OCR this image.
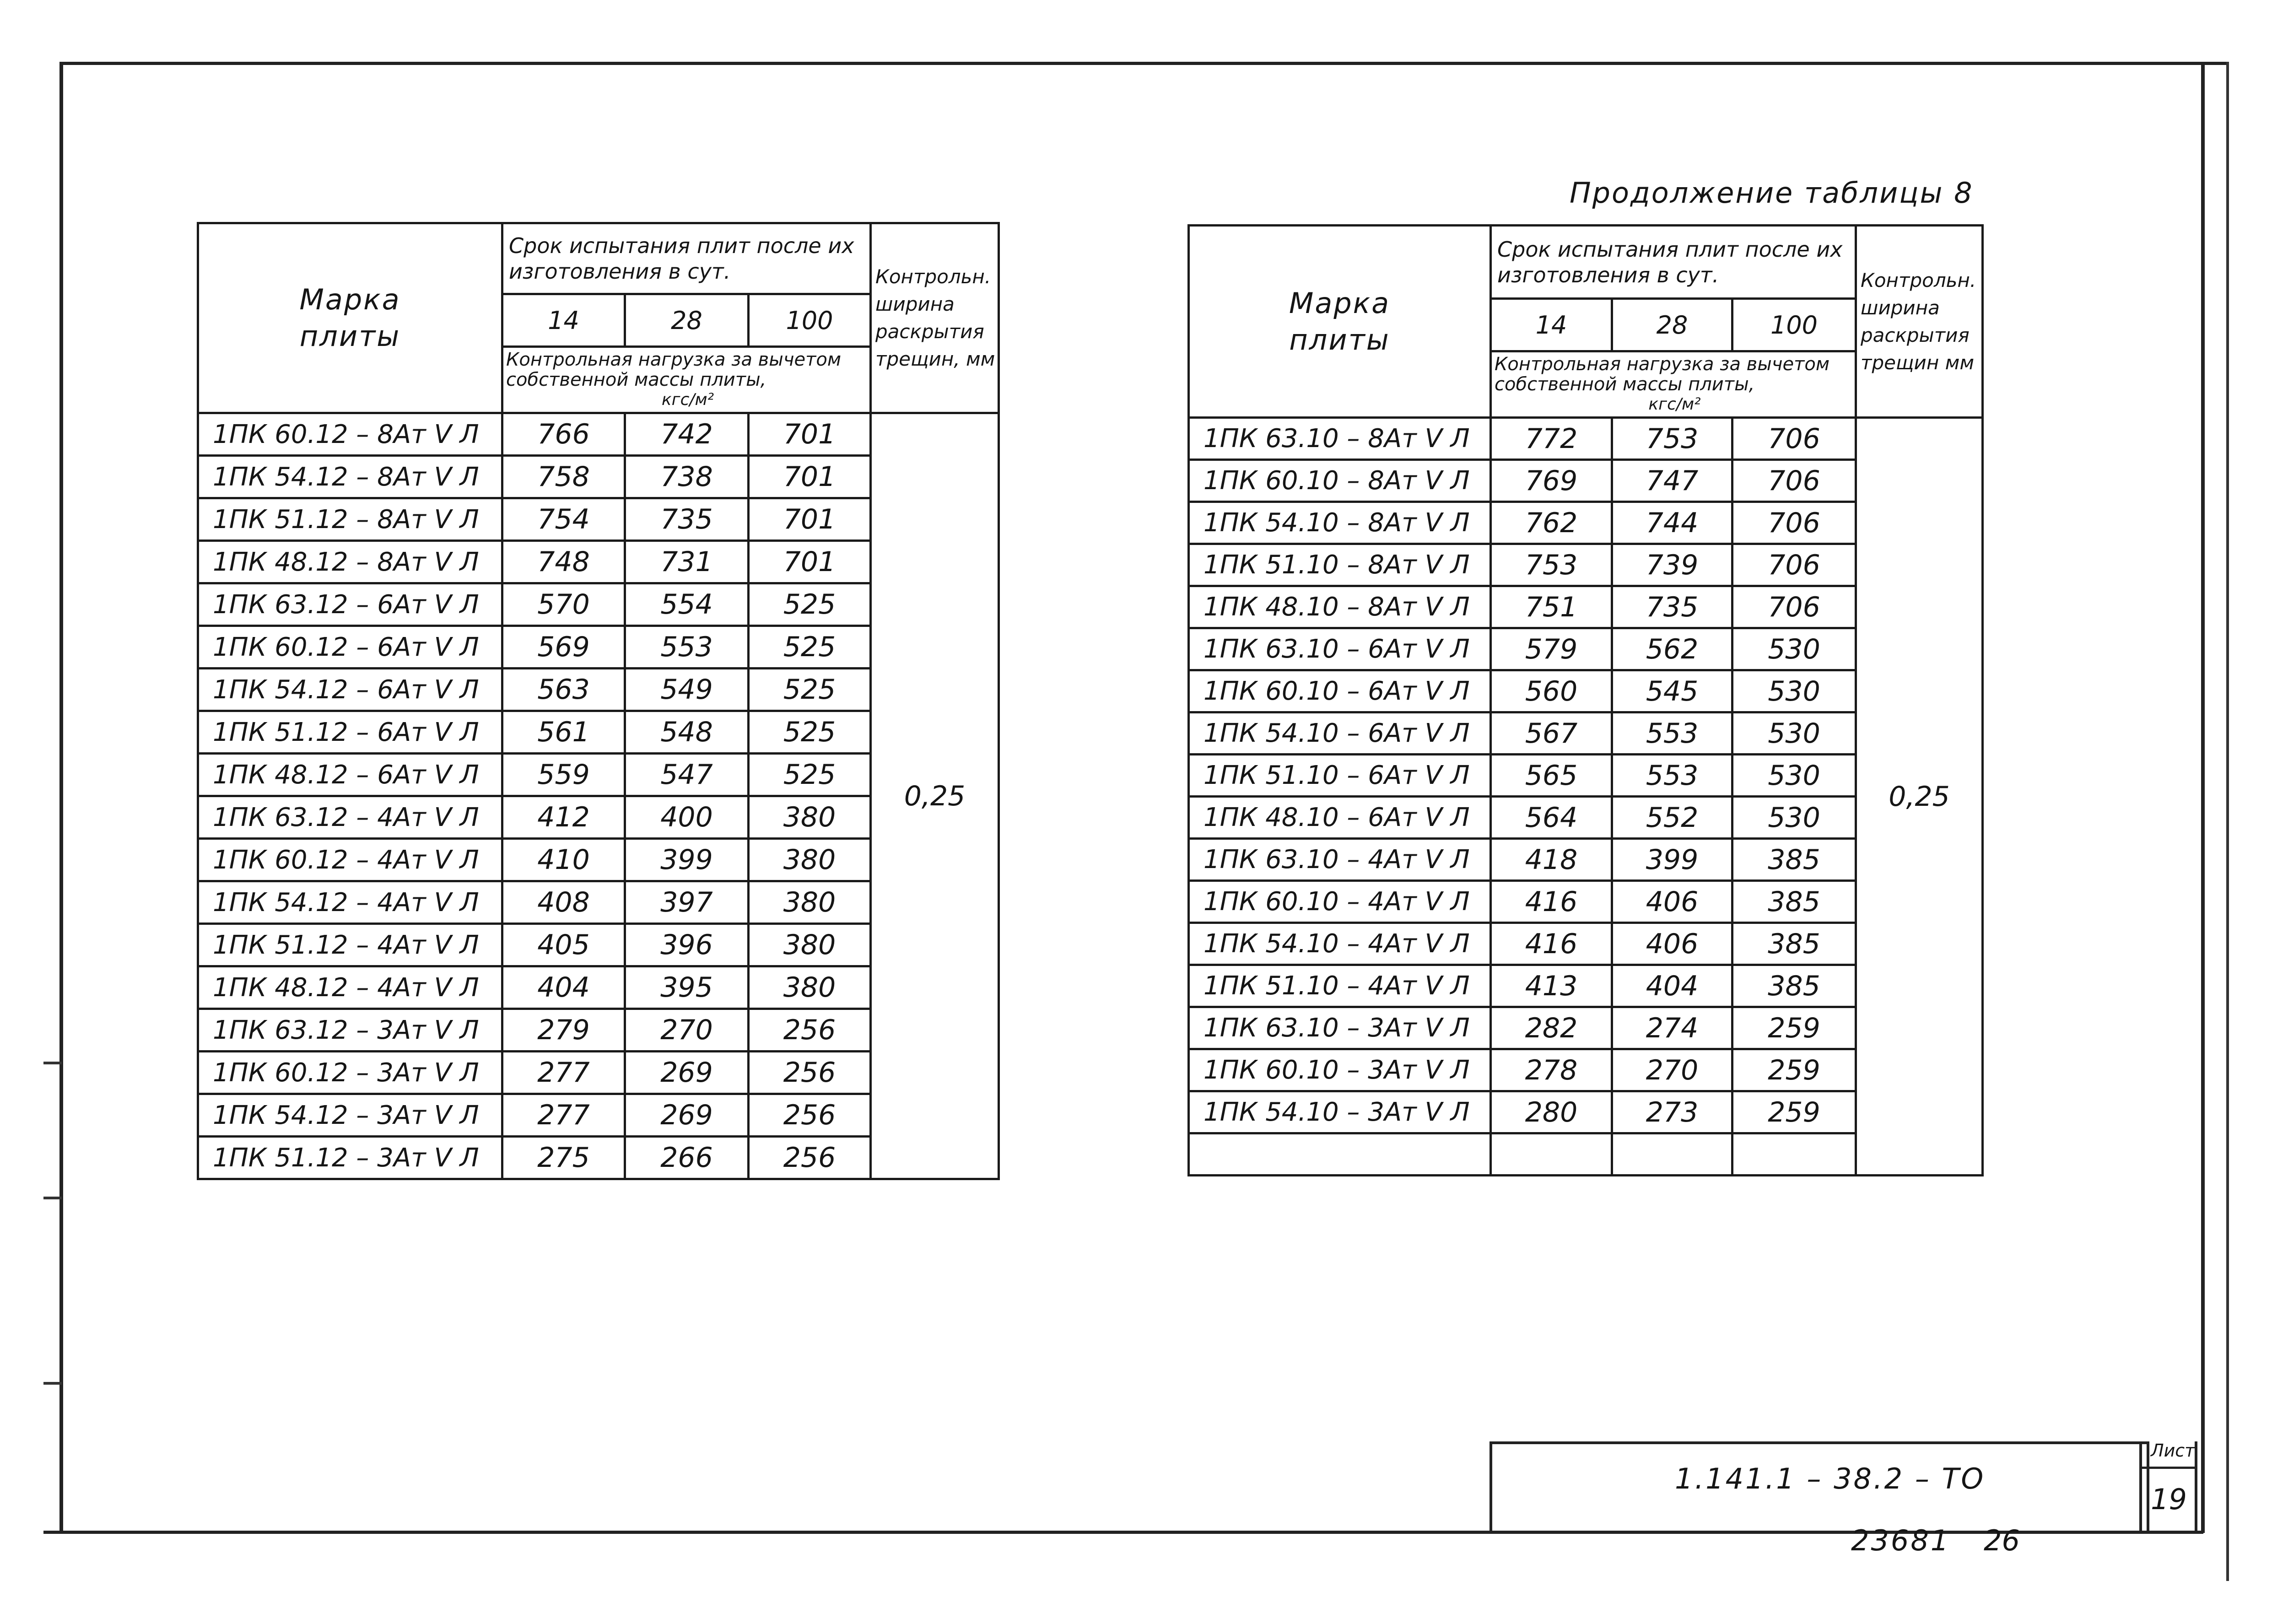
Продолжение таблицы 8
Марка
плиты	Срок испытания плит после их изготовления в сут.			Контрольн. ширина раскрытия трещин, мм
	14	28	100	
	Контрольная нагрузка за вычетом собственной массы плиты,
кгс/м²			

1ПК 60.12 – 8Ат V Л	766	742	701	0,25
1ПК 54.12 – 8Ат V Л	758	738	701	
1ПК 51.12 – 8Ат V Л	754	735	701	
1ПК 48.12 – 8Ат V Л	748	731	701	
1ПК 63.12 – 6Ат V Л	570	554	525	
1ПК 60.12 – 6Ат V Л	569	553	525	
1ПК 54.12 – 6Ат V Л	563	549	525	
1ПК 51.12 – 6Ат V Л	561	548	525	
1ПК 48.12 – 6Ат V Л	559	547	525	
1ПК 63.12 – 4Ат V Л	412	400	380	
1ПК 60.12 – 4Ат V Л	410	399	380	
1ПК 54.12 – 4Ат V Л	408	397	380	
1ПК 51.12 – 4Ат V Л	405	396	380	
1ПК 48.12 – 4Ат V Л	404	395	380	
1ПК 63.12 – 3Ат V Л	279	270	256	
1ПК 60.12 – 3Ат V Л	277	269	256	
1ПК 54.12 – 3Ат V Л	277	269	256	
1ПК 51.12 – 3Ат V Л	275	266	256	
Марка
плиты	Срок испытания плит после их изготовления в сут.			Контрольн. ширина раскрытия трещин мм
	14	28	100	
	Контрольная нагрузка за вычетом собственной массы плиты,
кгс/м²			

1ПК 63.10 – 8Ат V Л	772	753	706	0,25
1ПК 60.10 – 8Ат V Л	769	747	706	
1ПК 54.10 – 8Ат V Л	762	744	706	
1ПК 51.10 – 8Ат V Л	753	739	706	
1ПК 48.10 – 8Ат V Л	751	735	706	
1ПК 63.10 – 6Ат V Л	579	562	530	
1ПК 60.10 – 6Ат V Л	560	545	530	
1ПК 54.10 – 6Ат V Л	567	553	530	
1ПК 51.10 – 6Ат V Л	565	553	530	
1ПК 48.10 – 6Ат V Л	564	552	530	
1ПК 63.10 – 4Ат V Л	418	399	385	
1ПК 60.10 – 4Ат V Л	416	406	385	
1ПК 54.10 – 4Ат V Л	416	406	385	
1ПК 51.10 – 4Ат V Л	413	404	385	
1ПК 63.10 – 3Ат V Л	282	274	259	
1ПК 60.10 – 3Ат V Л	278	270	259	
1ПК 54.10 – 3Ат V Л	280	273	259	

1.141.1 – 38.2 – ТО
Лист
19
23681 26
